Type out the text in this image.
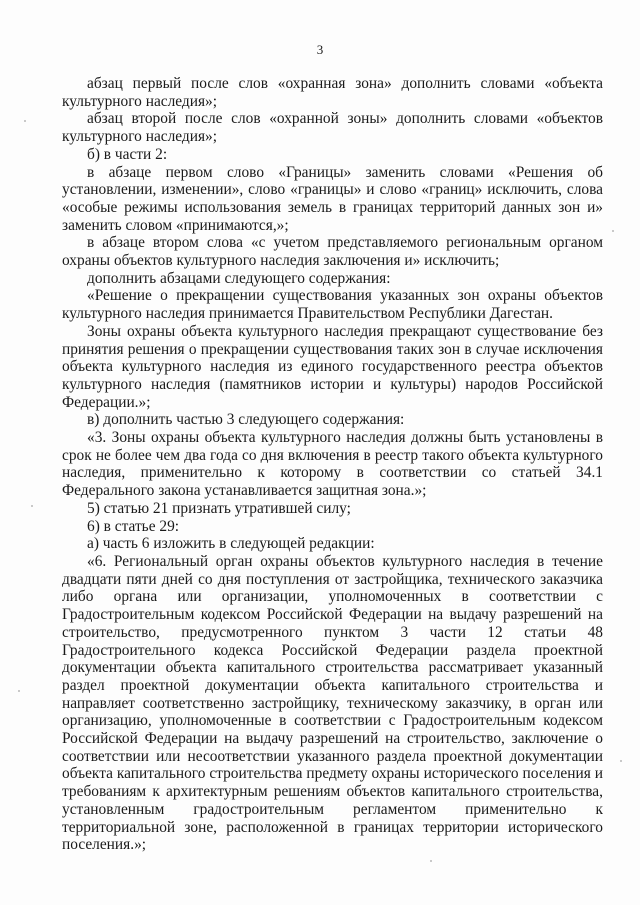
3

абзац первый после слов «охранная зона» дополнить словами «объекта культурного наследия»;

абзац второй после слов «охранной зоны» дополнить словами «объектов культурного наследия»;

б) в части 2:

в абзаце первом слово «Границы» заменить словами «Решения об установлении, изменении», слово «границы» и слово «границ» исключить, слова «особые режимы использования земель в границах территорий данных зон и» заменить словом «принимаются,»;

в абзаце втором слова «с учетом представляемого региональным органом охраны объектов культурного наследия заключения и» исключить;

дополнить абзацами следующего содержания:

«Решение о прекращении существования указанных зон охраны объектов культурного наследия принимается Правительством Республики Дагестан.

Зоны охраны объекта культурного наследия прекращают существование без принятия решения о прекращении существования таких зон в случае исключения объекта культурного наследия из единого государственного реестра объектов культурного наследия (памятников истории и культуры) народов Российской Федерации.»;

в) дополнить частью 3 следующего содержания:

«3. Зоны охраны объекта культурного наследия должны быть установлены в срок не более чем два года со дня включения в реестр такого объекта культурного наследия, применительно к которому в соответствии со статьей 34.1 Федерального закона устанавливается защитная зона.»;

5) статью 21 признать утратившей силу;

6) в статье 29:

а) часть 6 изложить в следующей редакции:

«6. Региональный орган охраны объектов культурного наследия в течение двадцати пяти дней со дня поступления от застройщика, технического заказчика либо органа или организации, уполномоченных в соответствии с Градостроительным кодексом Российской Федерации на выдачу разрешений на строительство, предусмотренного пунктом 3 части 12 статьи 48 Градостроительного кодекса Российской Федерации раздела проектной документации объекта капитального строительства рассматривает указанный раздел проектной документации объекта капитального строительства и направляет соответственно застройщику, техническому заказчику, в орган или организацию, уполномоченные в соответствии с Градостроительным кодексом Российской Федерации на выдачу разрешений на строительство, заключение о соответствии или несоответствии указанного раздела проектной документации объекта капитального строительства предмету охраны исторического поселения и требованиям к архитектурным решениям объектов капитального строительства, установленным градостроительным регламентом применительно к территориальной зоне, расположенной в границах территории исторического поселения.»;
